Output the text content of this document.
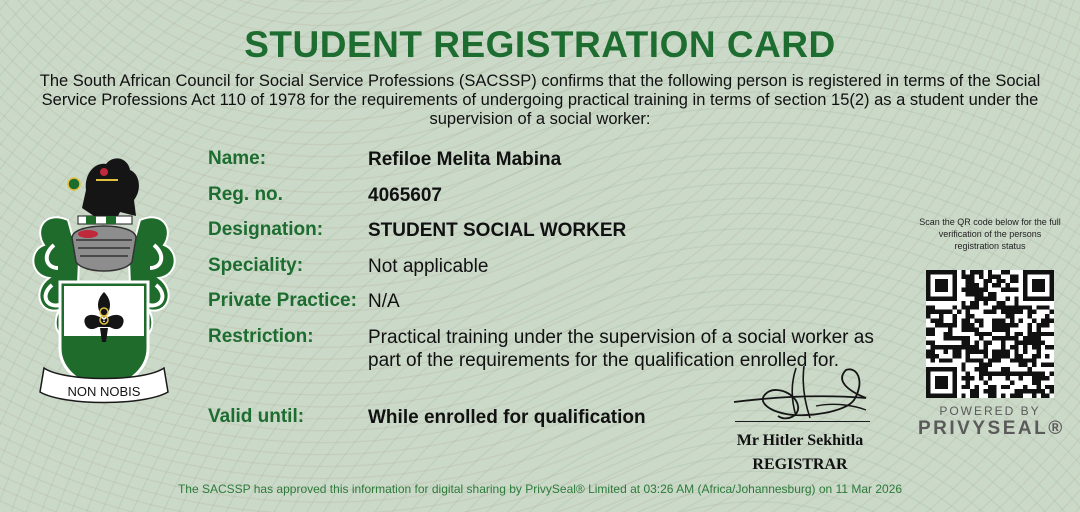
STUDENT REGISTRATION CARD
The South African Council for Social Service Professions (SACSSP) confirms that the following person is registered in terms of the Social Service Professions Act 110 of 1978 for the requirements of undergoing practical training in terms of section 15(2) as a student under the supervision of a social worker:
NON NOBIS
Name:	Refiloe Melita Mabina
Reg. no.	4065607
Designation: STUDENT SOCIAL WORKER
Speciality:	Not applicable
Private Practice: N/A
Restriction:	Practical training under the supervision of a social worker as part of the requirements for the qualification enrolled for.
Valid until:	While enrolled for qualification
Mr Hitler Sekhitla
REGISTRAR
Scan the QR code below for the full verification of the persons registration status
POWERED BY
PRIVYSEAL®
The SACSSP has approved this information for digital sharing by PrivySeal® Limited at 03:26 AM (Africa/Johannesburg) on 11 Mar 2026
